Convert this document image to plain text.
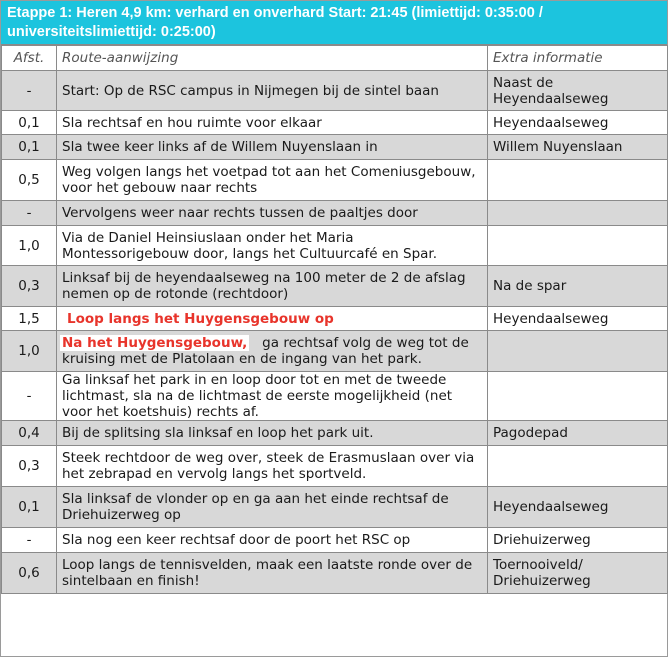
Etappe 1: Heren 4,9 km: verhard en onverhard Start: 21:45 (limiettijd: 0:35:00 / universiteitslimiettijd: 0:25:00)
Afst.	Route-aanwijzing	Extra informatie
-	Start: Op de RSC campus in Nijmegen bij de sintel baan	Naast de Heyendaalseweg
0,1	Sla rechtsaf en hou ruimte voor elkaar	Heyendaalseweg
0,1	Sla twee keer links af de Willem Nuyenslaan in	Willem Nuyenslaan
0,5	Weg volgen langs het voetpad tot aan het Comeniusgebouw, voor het gebouw naar rechts	
-	Vervolgens weer naar rechts tussen de paaltjes door	
1,0	Via de Daniel Heinsiuslaan onder het Maria Montessorigebouw door, langs het Cultuurcafé en Spar.	
0,3	Linksaf bij de heyendaalseweg na 100 meter de 2 de afslag nemen op de rotonde (rechtdoor)	Na de spar
1,5	Loop langs het Huygensgebouw op	Heyendaalseweg
1,0	Na het Huygensgebouw,   ga rechtsaf volg de weg tot de kruising met de Platolaan en de ingang van het park.	
-	Ga linksaf het park in en loop door tot en met de tweede lichtmast, sla na de lichtmast de eerste mogelijkheid (net voor het koetshuis) rechts af.	
0,4	Bij de splitsing sla linksaf en loop het park uit.	Pagodepad
0,3	Steek rechtdoor de weg over, steek de Erasmuslaan over via het zebrapad en vervolg langs het sportveld.	
0,1	Sla linksaf de vlonder op en ga aan het einde rechtsaf de Driehuizerweg op	Heyendaalseweg
-	Sla nog een keer rechtsaf door de poort het RSC op	Driehuizerweg
0,6	Loop langs de tennisvelden, maak een laatste ronde over de sintelbaan en finish!	Toernooiveld/ Driehuizerweg
